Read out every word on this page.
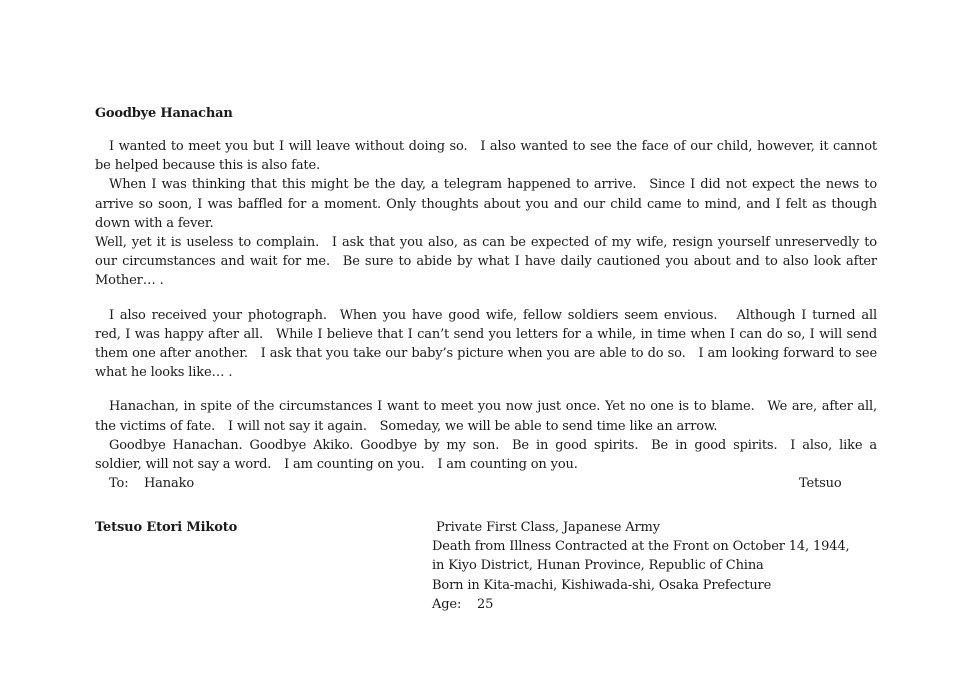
Goodbye Hanachan

I wanted to meet you but I will leave without doing so. I also wanted to see the face of our child, however, it cannot be helped because this is also fate.

When I was thinking that this might be the day, a telegram happened to arrive. Since I did not expect the news to arrive so soon, I was baffled for a moment. Only thoughts about you and our child came to mind, and I felt as though down with a fever.

Well, yet it is useless to complain. I ask that you also, as can be expected of my wife, resign yourself unreservedly to our circumstances and wait for me. Be sure to abide by what I have daily cautioned you about and to also look after Mother… .

I also received your photograph. When you have good wife, fellow soldiers seem envious.  Although I turned all red, I was happy after all. While I believe that I can’t send you letters for a while, in time when I can do so, I will send them one after another. I ask that you take our baby’s picture when you are able to do so. I am looking forward to see what he looks like… .

Hanachan, in spite of the circumstances I want to meet you now just once. Yet no one is to blame. We are, after all, the victims of fate. I will not say it again. Someday, we will be able to send time like an arrow.

Goodbye Hanachan. Goodbye Akiko. Goodbye by my son. Be in good spirits. Be in good spirits. I also, like a soldier, will not say a word. I am counting on you. I am counting on you.

To: Hanako	Tetsuo
Tetsuo Etori Mikoto	Private First Class, Japanese Army
Death from Illness Contracted at the Front on October 14, 1944,
in Kiyo District, Hunan Province, Republic of China
Born in Kita-machi, Kishiwada-shi, Osaka Prefecture
Age: 25
